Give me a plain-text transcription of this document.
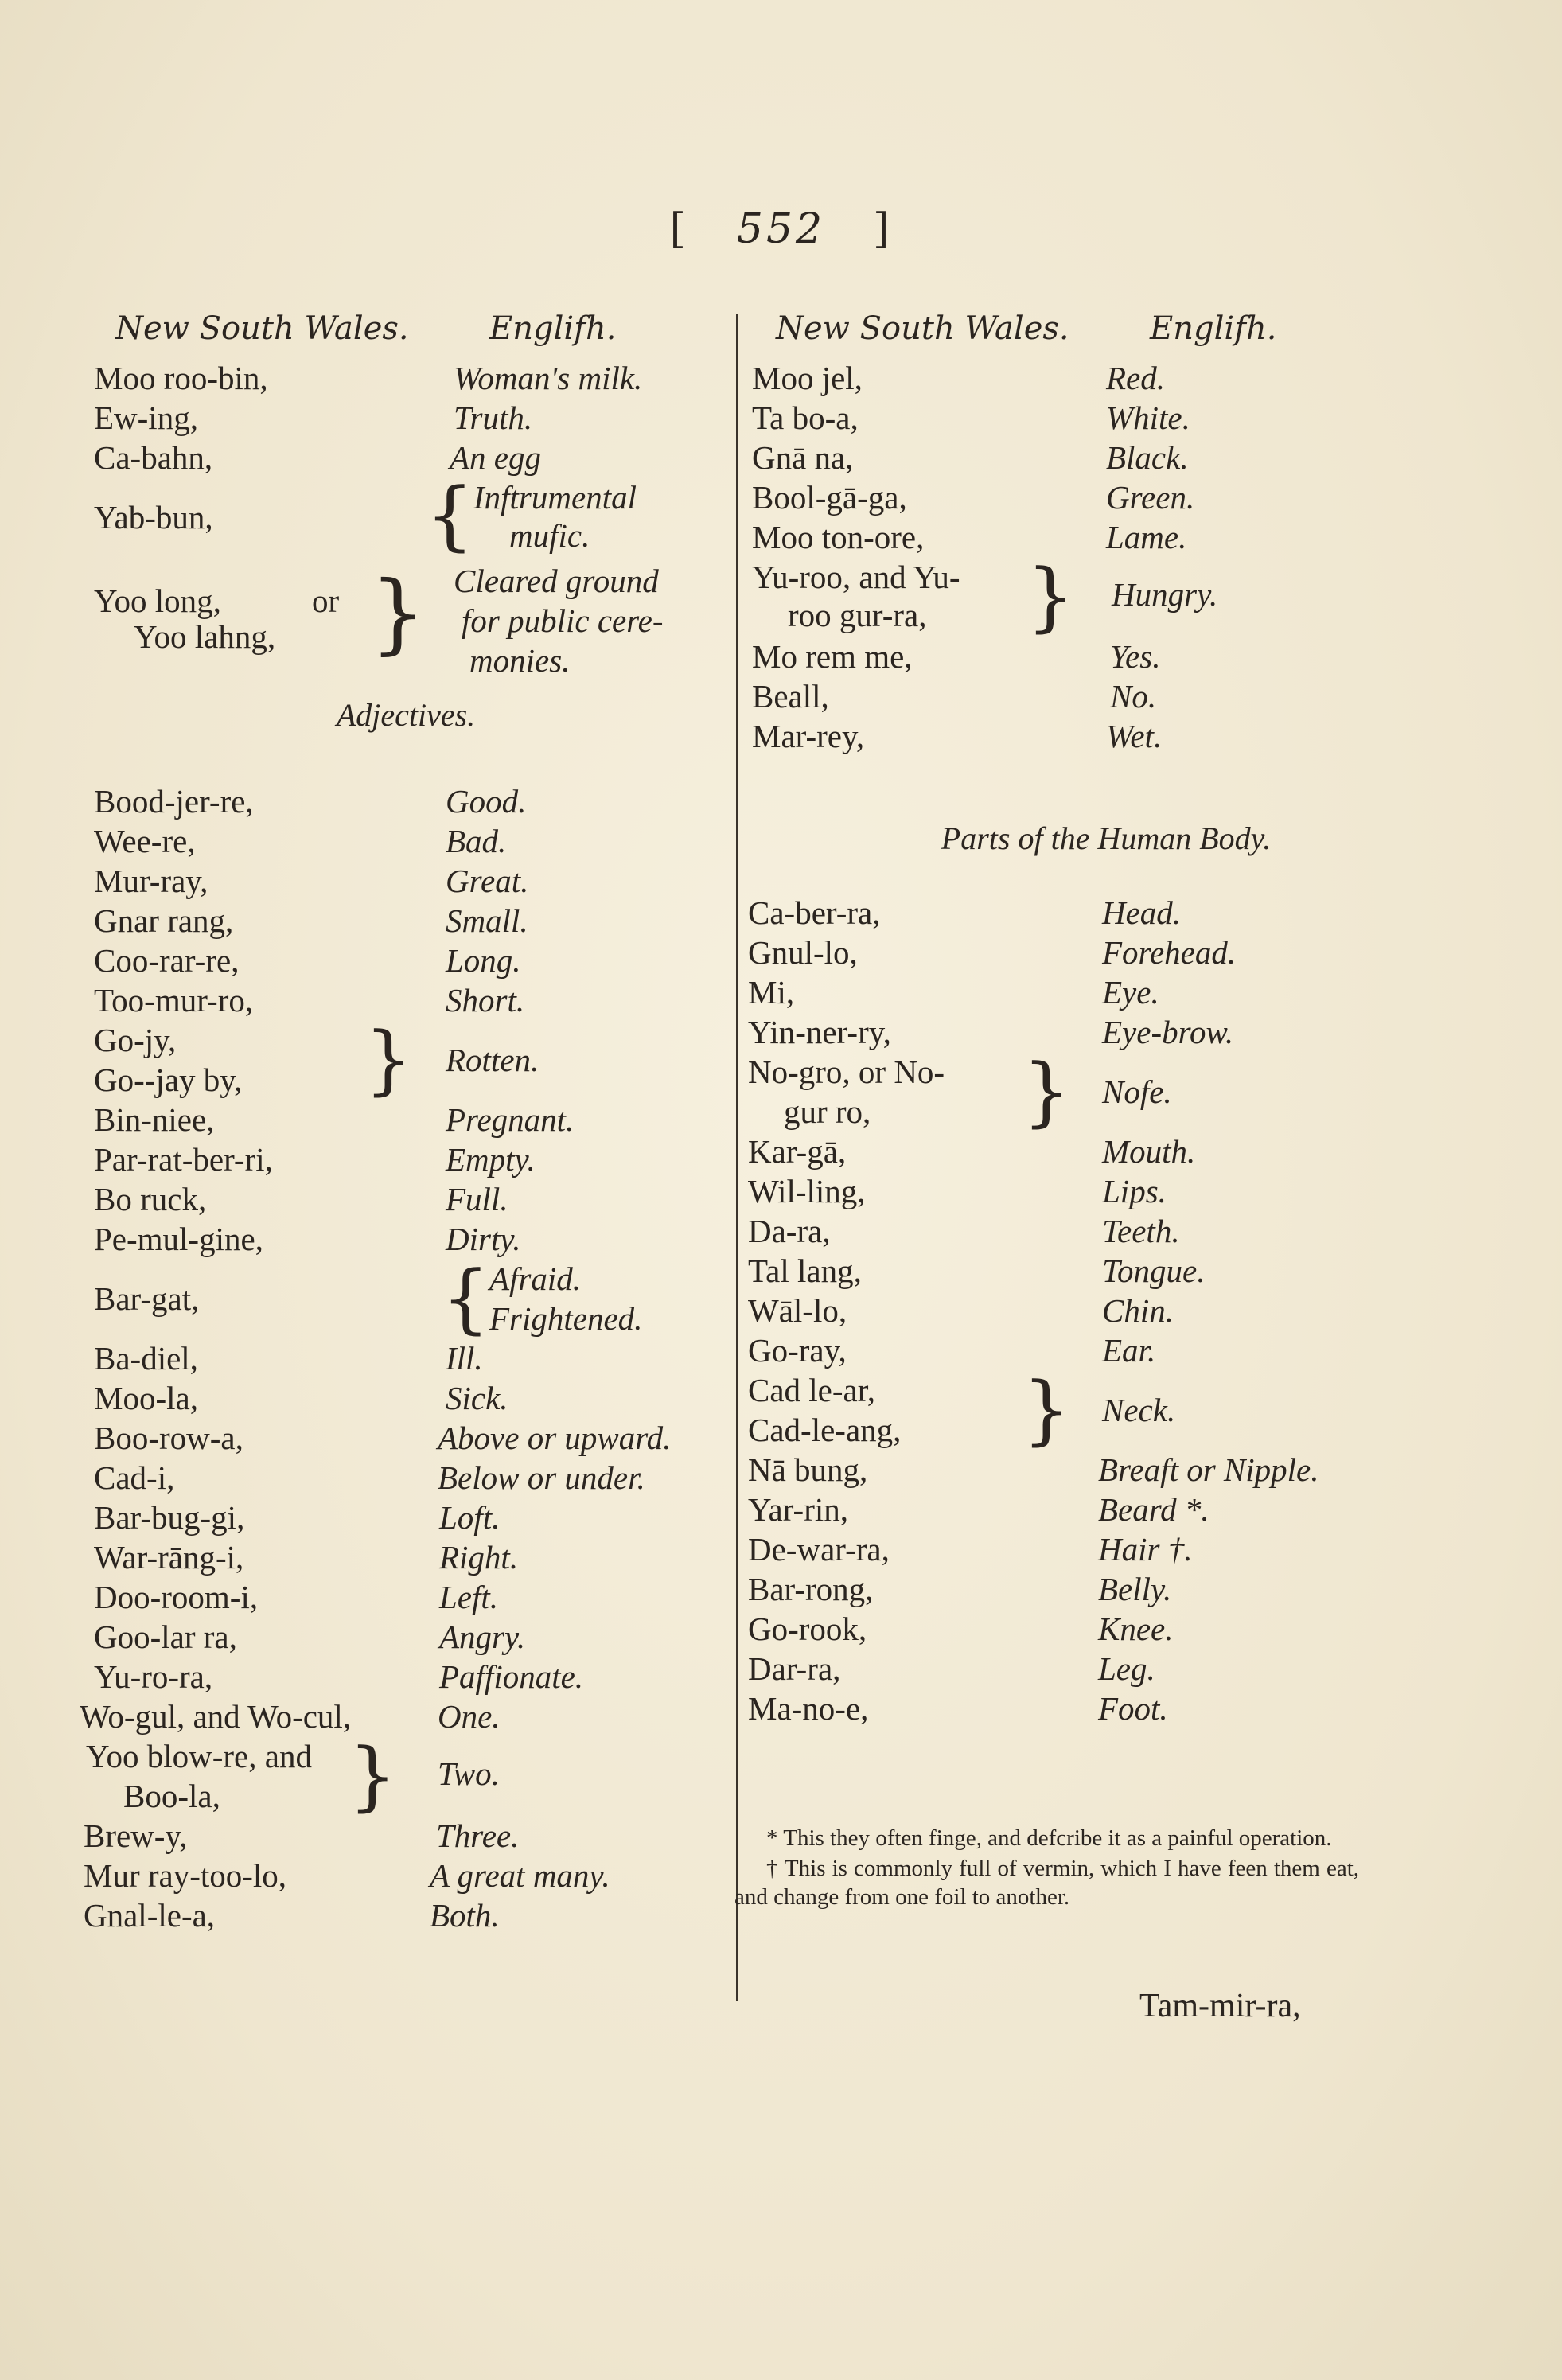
[ 552 ]
New South Wales.	Englifh.
Moo roo-bin,	Woman's milk.
Ew-ing,	Truth.
Ca-bahn,	An egg
Yab-bun,	{ Inftrumental
mufic.
Yoo long,	or
Yoo lahng, } Cleared ground
for public cere-
monies.
Adjectives.
Bood-jer-re,	Good.
Wee-re,	Bad.
Mur-ray,	Great.
Gnar rang,	Small.
Coo-rar-re,	Long.
Too-mur-ro,	Short.
Go-jy,
Go--jay by, } Rotten.
Bin-niee,	Pregnant.
Par-rat-ber-ri,	Empty.
Bo ruck,	Full.
Pe-mul-gine,	Dirty.
Bar-gat,	{ Afraid.
Frightened.
Ba-diel,	Ill.
Moo-la,	Sick.
Boo-row-a,	Above or upward.
Cad-i,	Below or under.
Bar-bug-gi,	Loft.
War-rāng-i,	Right.
Doo-room-i,	Left.
Goo-lar ra,	Angry.
Yu-ro-ra,	Paffionate.
Wo-gul, and Wo-cul,	One.
Yoo blow-re, and
Boo-la, } Two.
Brew-y,	Three.
Mur ray-too-lo,	A great many.
Gnal-le-a,	Both.
New South Wales.	Englifh.
Moo jel,	Red.
Ta bo-a,	White.
Gnā na,	Black.
Bool-gā-ga,	Green.
Moo ton-ore,	Lame.
Yu-roo, and Yu-
roo gur-ra, } Hungry.
Mo rem me,	Yes.
Beall,	No.
Mar-rey,	Wet.
Parts of the Human Body.
Ca-ber-ra,	Head.
Gnul-lo,	Forehead.
Mi,	Eye.
Yin-ner-ry,	Eye-brow.
No-gro, or No-
gur ro, } Nofe.
Kar-gā,	Mouth.
Wil-ling,	Lips.
Da-ra,	Teeth.
Tal lang,	Tongue.
Wāl-lo,	Chin.
Go-ray,	Ear.
Cad le-ar,
Cad-le-ang, } Neck.
Nā bung,	Breaft or Nipple.
Yar-rin,	Beard *.
De-war-ra,	Hair †.
Bar-rong,	Belly.
Go-rook,	Knee.
Dar-ra,	Leg.
Ma-no-e,	Foot.

* This they often finge, and defcribe it as a painful operation.

† This is commonly full of vermin, which I have feen them eat, and change from one foil to another.

Tam-mir-ra,
